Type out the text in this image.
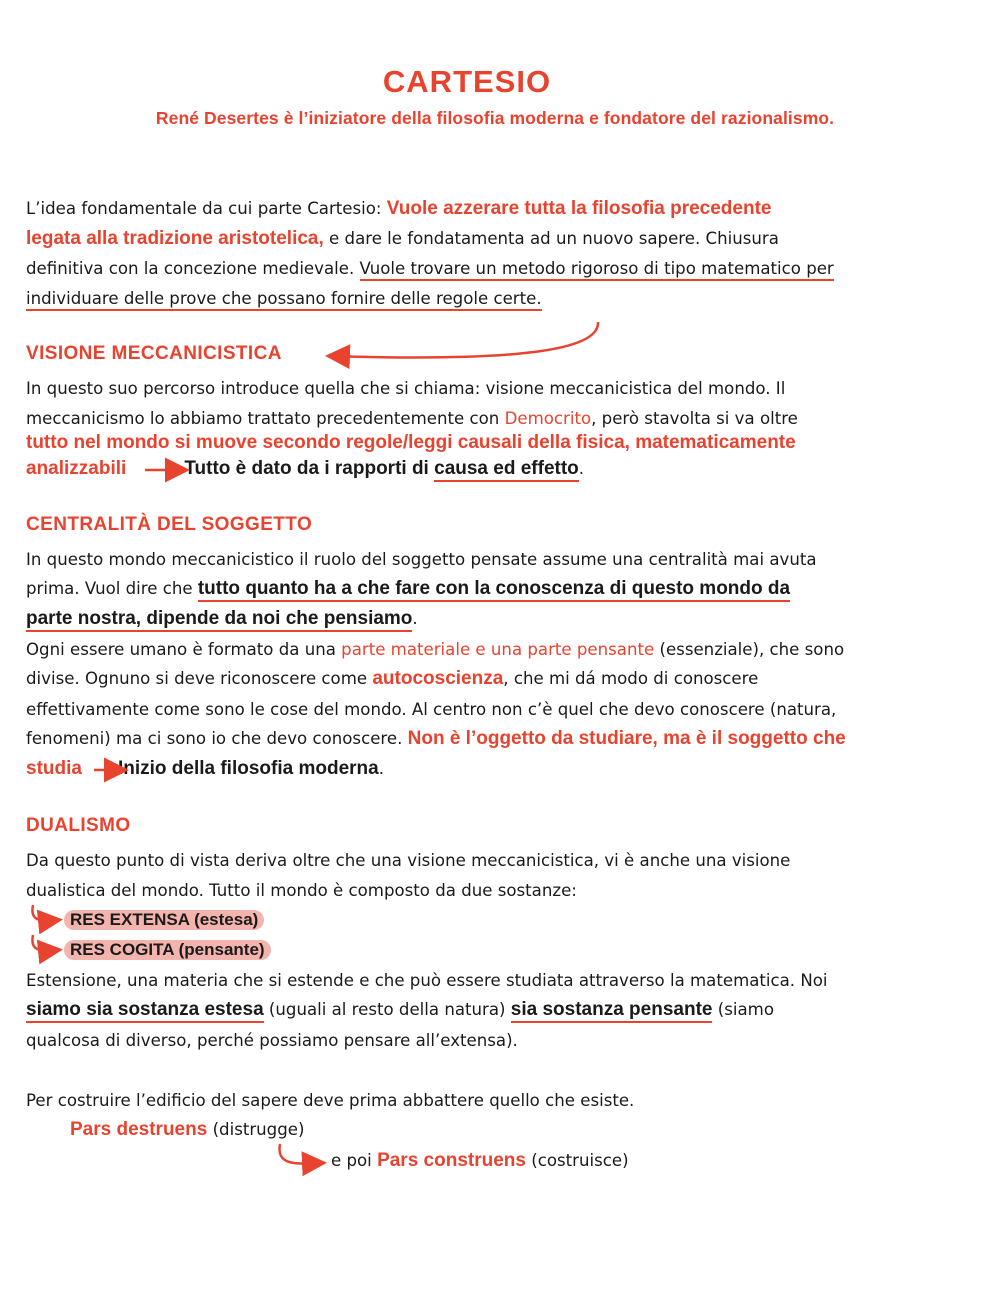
CARTESIO
René Desertes è l’iniziatore della filosofia moderna e fondatore del razionalismo.
L’idea fondamentale da cui parte Cartesio: Vuole azzerare tutta la filosofia precedente
legata alla tradizione aristotelica, e dare le fondatamenta ad un nuovo sapere. Chiusura
definitiva con la concezione medievale. Vuole trovare un metodo rigoroso di tipo matematico per
individuare delle prove che possano fornire delle regole certe.
VISIONE MECCANICISTICA
In questo suo percorso introduce quella che si chiama: visione meccanicistica del mondo. Il
meccanicismo lo abbiamo trattato precedentemente con Democrito, però stavolta si va oltre
tutto nel mondo si muove secondo regole/leggi causali della fisica, matematicamente
analizzabili	Tutto è dato da i rapporti di causa ed effetto.
CENTRALITÀ DEL SOGGETTO
In questo mondo meccanicistico il ruolo del soggetto pensate assume una centralità mai avuta
prima. Vuol dire che tutto quanto ha a che fare con la conoscenza di questo mondo da
parte nostra, dipende da noi che pensiamo.
Ogni essere umano è formato da una parte materiale e una parte pensante (essenziale), che sono
divise. Ognuno si deve riconoscere come autocoscienza, che mi dá modo di conoscere
effettivamente come sono le cose del mondo. Al centro non c’è quel che devo conoscere (natura,
fenomeni) ma ci sono io che devo conoscere. Non è l’oggetto da studiare, ma è il soggetto che
studia Inizio della filosofia moderna.
DUALISMO
Da questo punto di vista deriva oltre che una visione meccanicistica, vi è anche una visione
dualistica del mondo. Tutto il mondo è composto da due sostanze:
RES EXTENSA (estesa)
RES COGITA (pensante)
Estensione, una materia che si estende e che può essere studiata attraverso la matematica. Noi
siamo sia sostanza estesa (uguali al resto della natura) sia sostanza pensante (siamo
qualcosa di diverso, perché possiamo pensare all’extensa).
Per costruire l’edificio del sapere deve prima abbattere quello che esiste.
Pars destruens (distrugge)
e poi Pars construens (costruisce)
